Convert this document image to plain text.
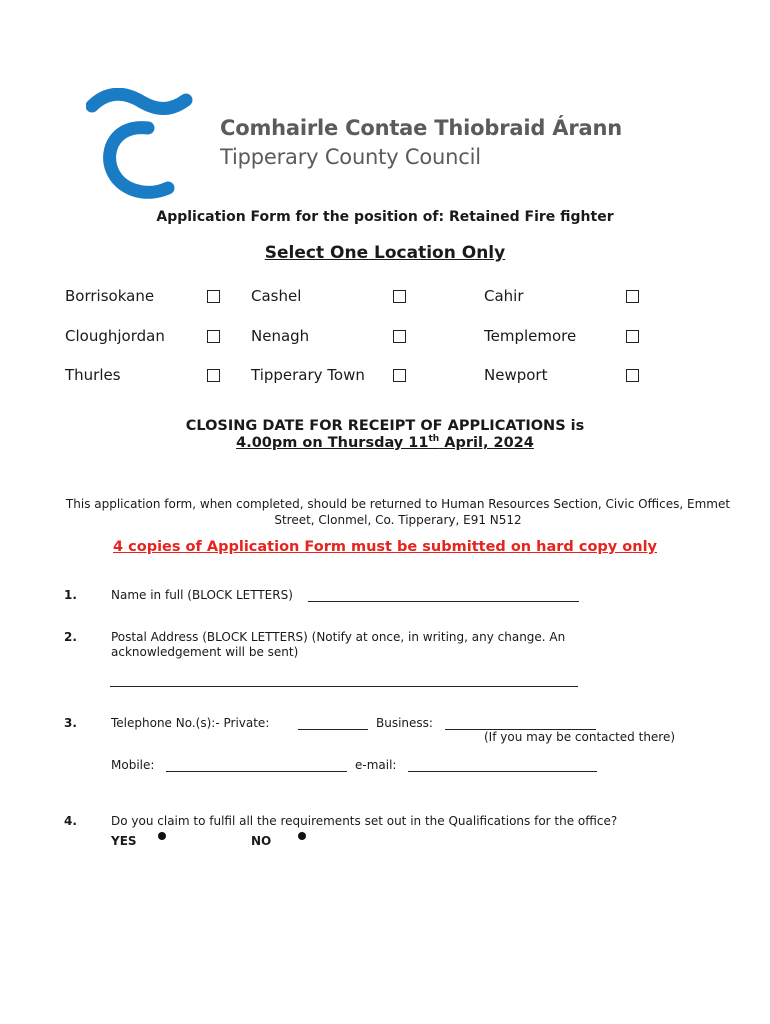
Comhairle Contae Thiobraid Árann
Tipperary County Council
Application Form for the position of: Retained Fire fighter
Select One Location Only
Borrisokane	Cashel	Cahir
Cloughjordan	Nenagh	Templemore
Thurles	Tipperary Town	Newport
CLOSING DATE FOR RECEIPT OF APPLICATIONS is
4.00pm on Thursday 11th April, 2024
This application form, when completed, should be returned to Human Resources Section, Civic Offices, Emmet Street, Clonmel, Co. Tipperary, E91 N512
4 copies of Application Form must be submitted on hard copy only
1.	Name in full (BLOCK LETTERS)
2.	Postal Address (BLOCK LETTERS) (Notify at once, in writing, any change. An
acknowledgement will be sent)
3.	Telephone No.(s):- Private:	Business:
(If you may be contacted there)
Mobile:	e-mail:
4.	Do you claim to fulfil all the requirements set out in the Qualifications for the office?
YES	NO
